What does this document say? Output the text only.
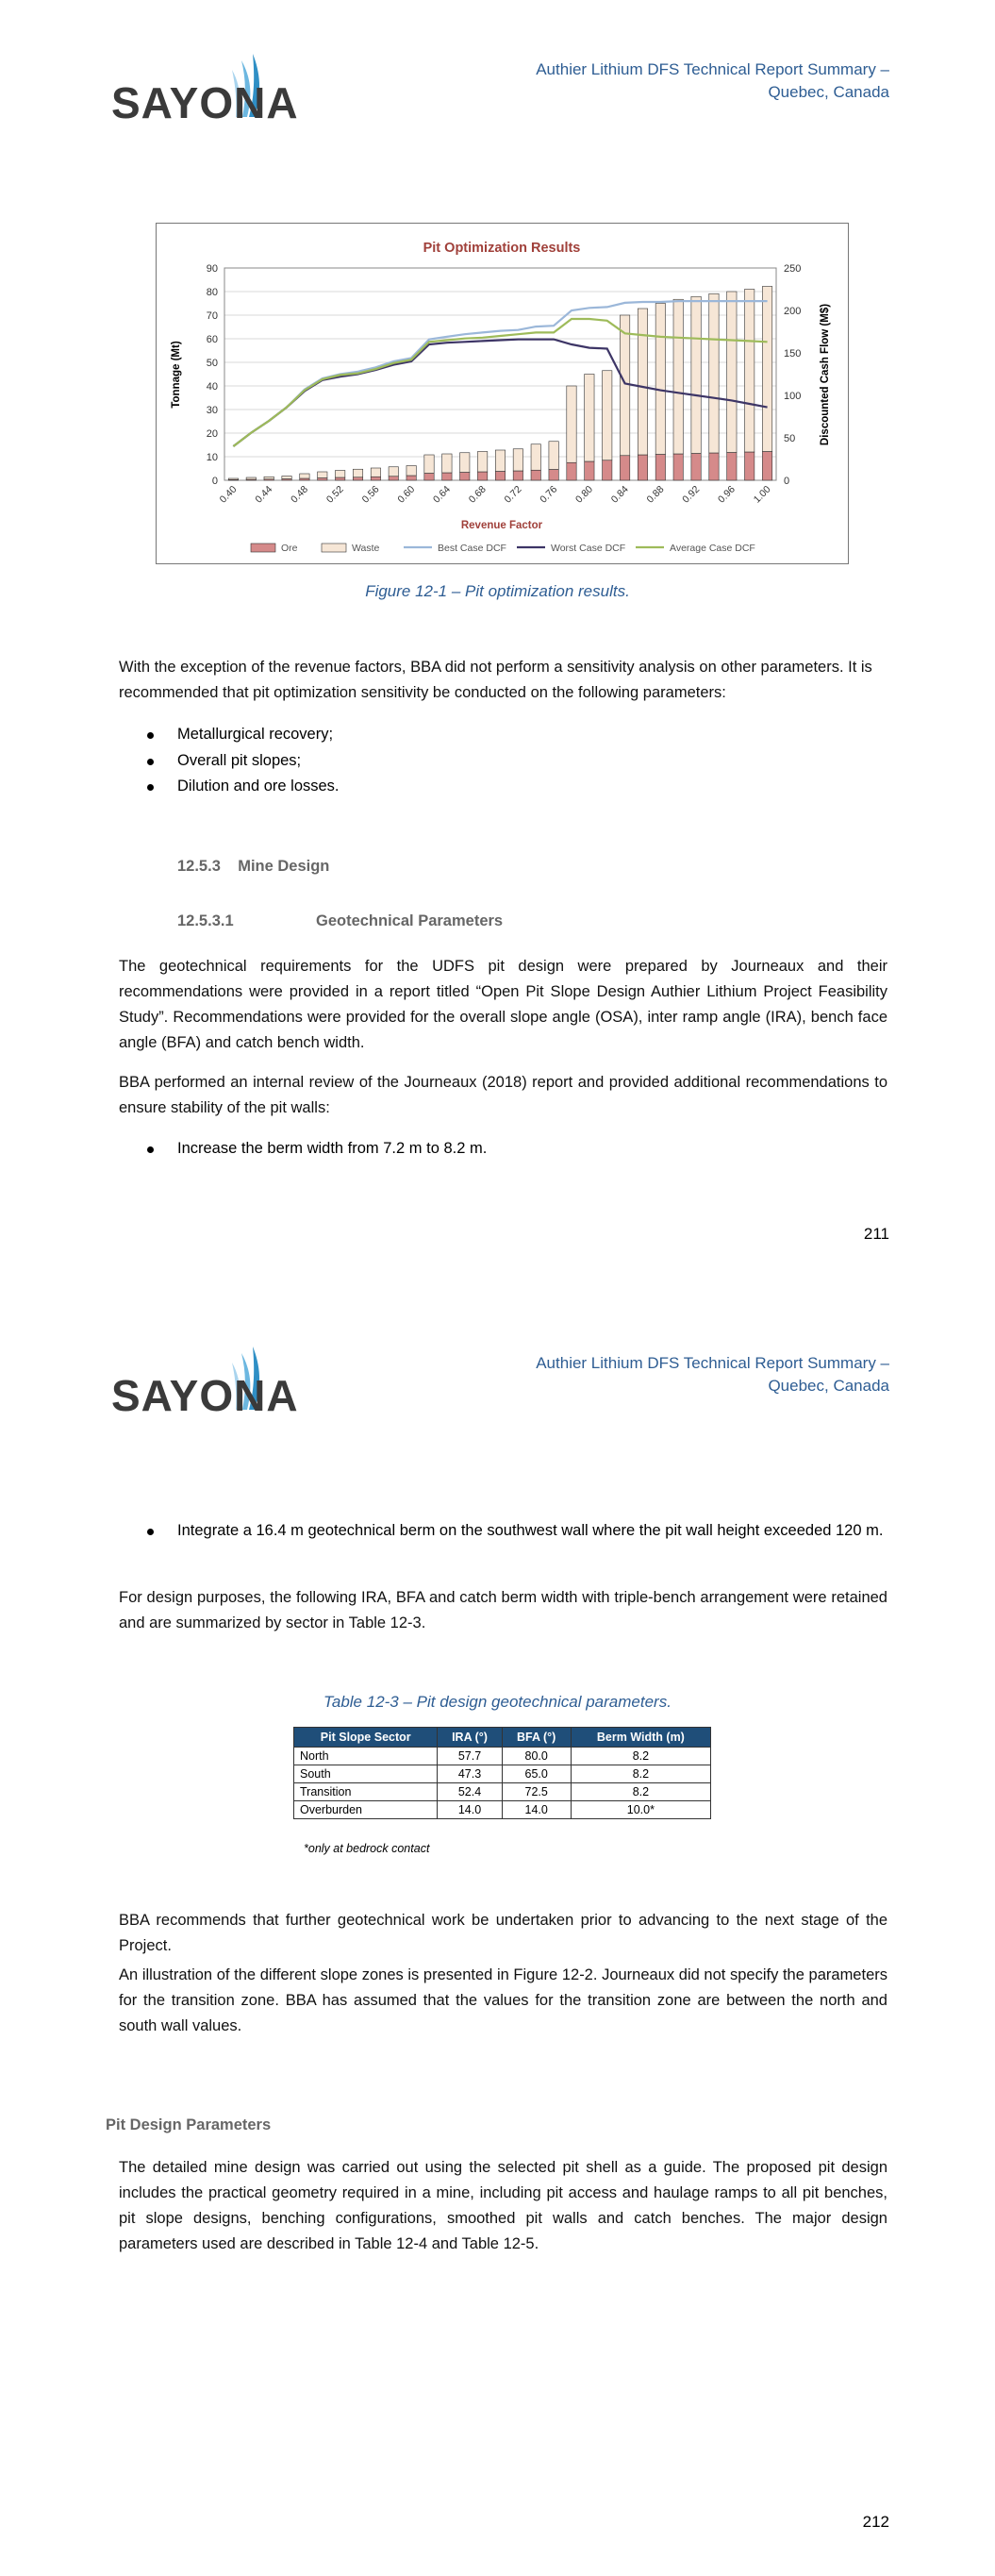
SAYONA
Authier Lithium DFS Technical Report Summary –
Quebec, Canada
Pit Optimization Results
0
10
20
30
40
50
60
70
80
90
0
50
100
150
200
250
0.40 0.44 0.48 0.52 0.56 0.60 0.64 0.68 0.72 0.76 0.80 0.84 0.88 0.92 0.96 1.00
Revenue Factor
Tonnage (Mt)	Discounted Cash Flow (M$)
Ore	Waste	Best Case DCF	Worst Case DCF	Average Case DCF
Figure 12-1 – Pit optimization results.
With the exception of the revenue factors, BBA did not perform a sensitivity analysis on other parameters. It is recommended that pit optimization sensitivity be conducted on the following parameters:
Metallurgical recovery;
Overall pit slopes;
Dilution and ore losses.
12.5.3    Mine Design
12.5.3.1	Geotechnical Parameters
The geotechnical requirements for the UDFS pit design were prepared by Journeaux and their recommendations were provided in a report titled “Open Pit Slope Design Authier Lithium Project Feasibility Study”. Recommendations were provided for the overall slope angle (OSA), inter ramp angle (IRA), bench face angle (BFA) and catch bench width.
BBA performed an internal review of the Journeaux (2018) report and provided additional recommendations to ensure stability of the pit walls:
Increase the berm width from 7.2 m to 8.2 m.
211
SAYONA
Authier Lithium DFS Technical Report Summary –
Quebec, Canada
Integrate a 16.4 m geotechnical berm on the southwest wall where the pit wall height exceeded 120 m.
For design purposes, the following IRA, BFA and catch berm width with triple-bench arrangement were retained and are summarized by sector in Table 12-3.
Table 12-3 – Pit design geotechnical parameters.
Pit Slope Sector	IRA (°)	BFA (°)	Berm Width (m)
North	57.7	80.0	8.2
South	47.3	65.0	8.2
Transition	52.4	72.5	8.2
Overburden	14.0	14.0	10.0*
*only at bedrock contact
BBA recommends that further geotechnical work be undertaken prior to advancing to the next stage of the Project.
An illustration of the different slope zones is presented in Figure 12-2. Journeaux did not specify the parameters for the transition zone. BBA has assumed that the values for the transition zone are between the north and south wall values.
Pit Design Parameters
The detailed mine design was carried out using the selected pit shell as a guide. The proposed pit design includes the practical geometry required in a mine, including pit access and haulage ramps to all pit benches, pit slope designs, benching configurations, smoothed pit walls and catch benches. The major design parameters used are described in Table 12-4 and Table 12-5.
212
